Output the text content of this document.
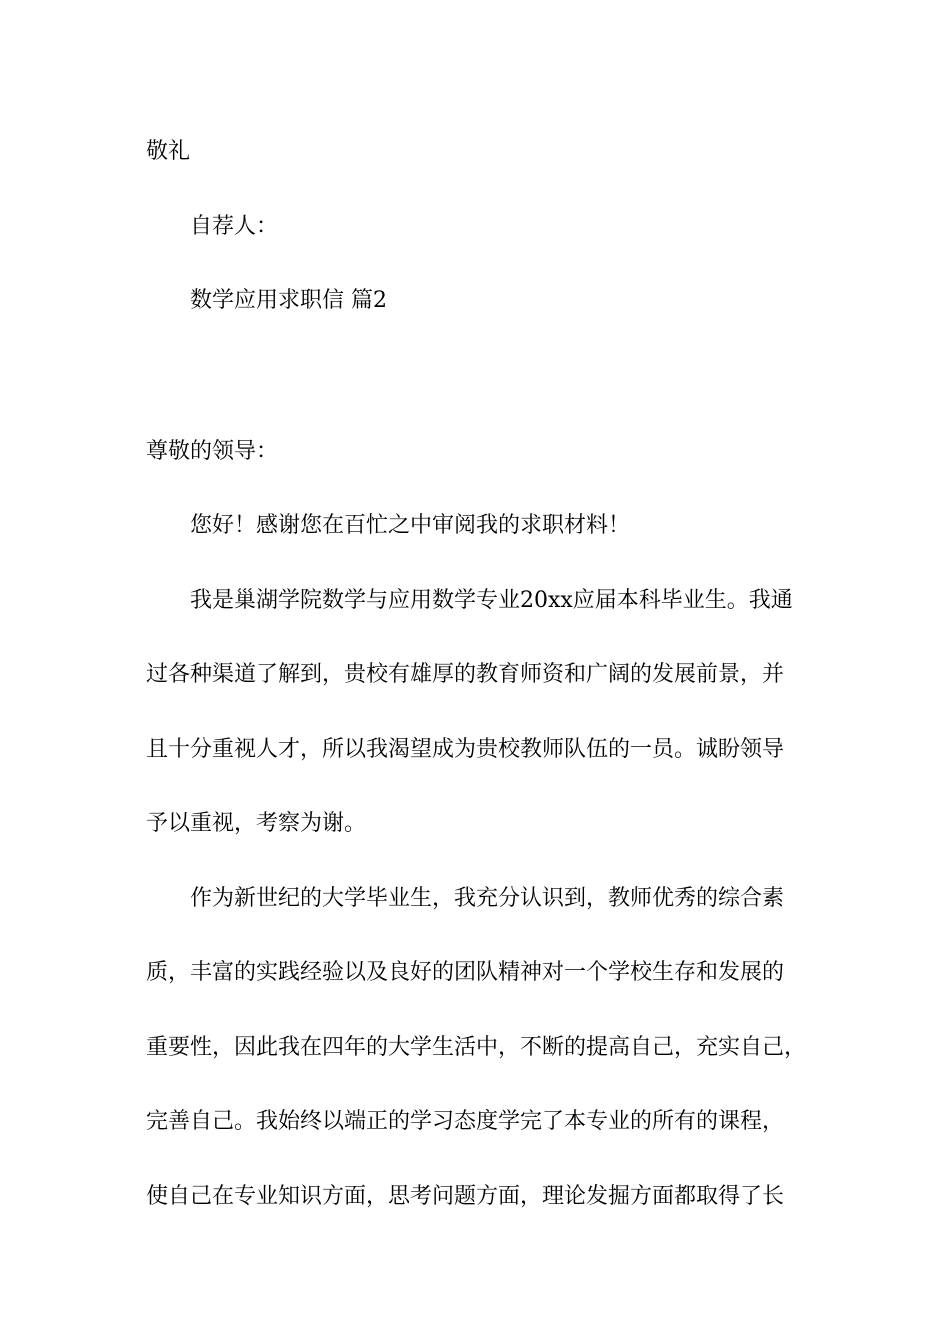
敬礼
自荐人：
数学应用求职信 篇2
尊敬的领导：
您好！感谢您在百忙之中审阅我的求职材料！
我是巢湖学院数学与应用数学专业20xx应届本科毕业生。我通
过各种渠道了解到，贵校有雄厚的教育师资和广阔的发展前景，并
且十分重视人才，所以我渴望成为贵校教师队伍的一员。诚盼领导
予以重视，考察为谢。
作为新世纪的大学毕业生，我充分认识到，教师优秀的综合素
质，丰富的实践经验以及良好的团队精神对一个学校生存和发展的
重要性，因此我在四年的大学生活中，不断的提高自己，充实自己，
完善自己。我始终以端正的学习态度学完了本专业的所有的课程，
使自己在专业知识方面，思考问题方面，理论发掘方面都取得了长
